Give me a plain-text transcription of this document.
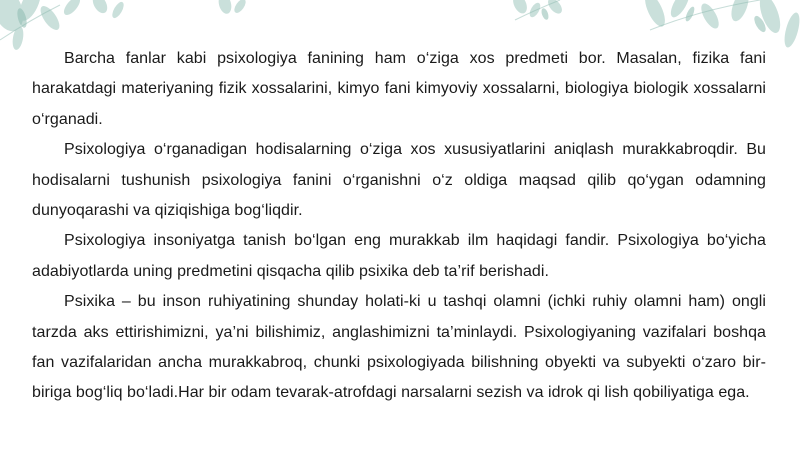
Barcha fanlar kabi psixologiya fanining ham o‘ziga xos predmeti bor. Masalan, fizika fani harakatdagi materiyaning fizik xossalarini, kimyo fani kimyoviy xossalarni, biologiya biologik xossalarni o‘rganadi.

Psixologiya o‘rganadigan hodisalarning o‘ziga xos xususiyatlarini aniqlash murakkabroqdir. Bu hodisalarni tushunish psixologiya fanini o‘rganishni o‘z oldiga maqsad qilib qo‘ygan odamning dunyoqarashi va qiziqishiga bog‘liqdir.

Psixologiya insoniyatga tanish bo‘lgan eng murakkab ilm haqidagi fandir. Psixologiya bo‘yicha adabiyotlarda uning predmetini qisqacha qilib psixika deb ta’rif berishadi.

Psixika – bu inson ruhiyatining shunday holati-ki u tashqi olamni (ichki ruhiy olamni ham) ongli tarzda aks ettirishimizni, ya’ni bilishimiz, anglashimizni ta’minlaydi. Psixologiyaning vazifalari boshqa fan vazifalaridan ancha murakkabroq, chunki psixologiyada bilishning obyekti va subyekti o‘zaro bir-biriga bog‘liq bo‘ladi.Har bir odam tevarak-atrofdagi narsalarni sezish va idrok qi lish qobiliyatiga ega.
